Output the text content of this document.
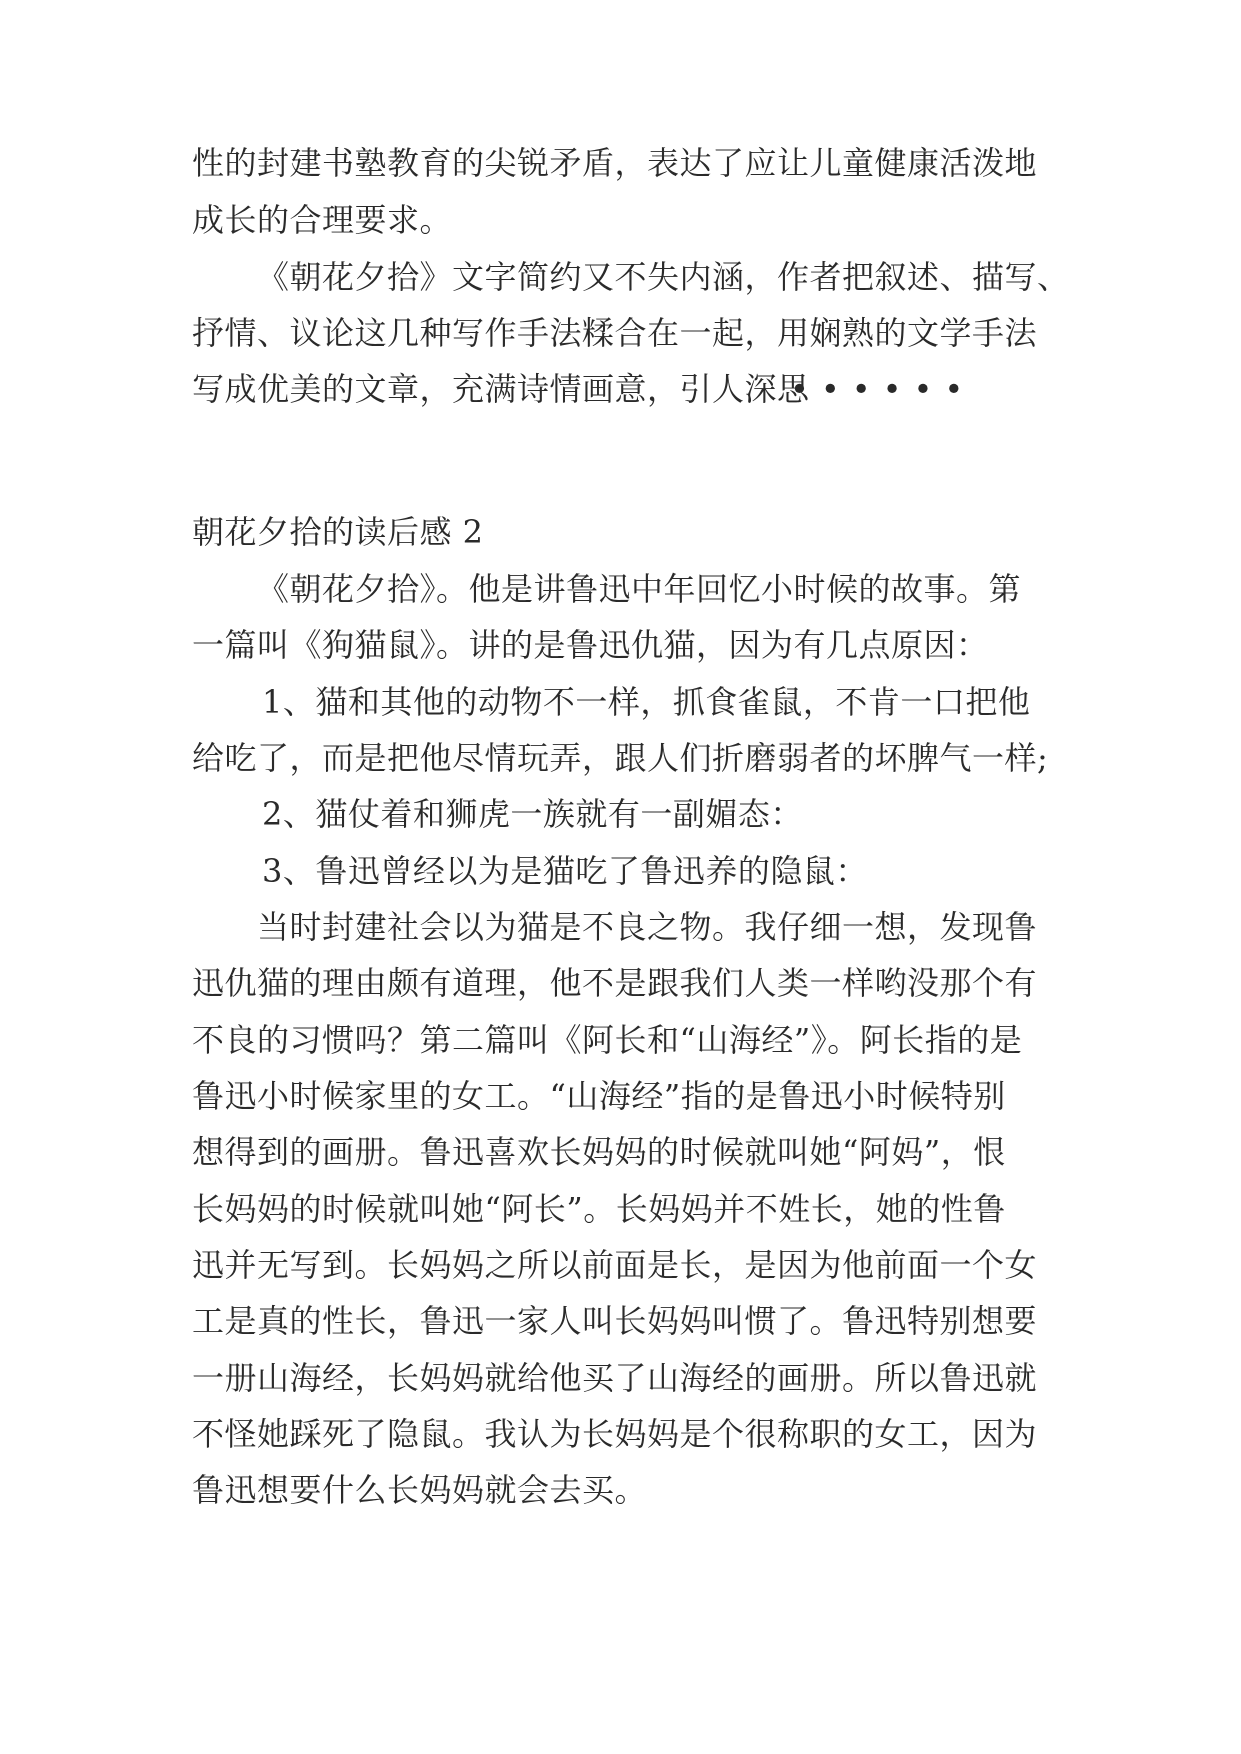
性的封建书塾教育的尖锐矛盾，表达了应让儿童健康活泼地
成长的合理要求。
《朝花夕拾》文字简约又不失内涵，作者把叙述、描写、
抒情、议论这几种写作手法糅合在一起，用娴熟的文学手法
写成优美的文章，充满诗情画意，引人深思
••••••
朝花夕拾的读后感 2
《朝花夕拾》。他是讲鲁迅中年回忆小时候的故事。第
一篇叫《狗猫鼠》。讲的是鲁迅仇猫，因为有几点原因：
1、猫和其他的动物不一样，抓食雀鼠，不肯一口把他
给吃了，而是把他尽情玩弄，跟人们折磨弱者的坏脾气一样;
2、猫仗着和狮虎一族就有一副媚态：
3、鲁迅曾经以为是猫吃了鲁迅养的隐鼠：
当时封建社会以为猫是不良之物。我仔细一想，发现鲁
迅仇猫的理由颇有道理，他不是跟我们人类一样哟没那个有
不良的习惯吗？第二篇叫《阿长和“山海经”》。阿长指的是
鲁迅小时候家里的女工。“山海经”指的是鲁迅小时候特别
想得到的画册。鲁迅喜欢长妈妈的时候就叫她“阿妈”，恨
长妈妈的时候就叫她“阿长”。长妈妈并不姓长，她的性鲁
迅并无写到。长妈妈之所以前面是长，是因为他前面一个女
工是真的性长，鲁迅一家人叫长妈妈叫惯了。鲁迅特别想要
一册山海经，长妈妈就给他买了山海经的画册。所以鲁迅就
不怪她踩死了隐鼠。我认为长妈妈是个很称职的女工，因为
鲁迅想要什么长妈妈就会去买。
